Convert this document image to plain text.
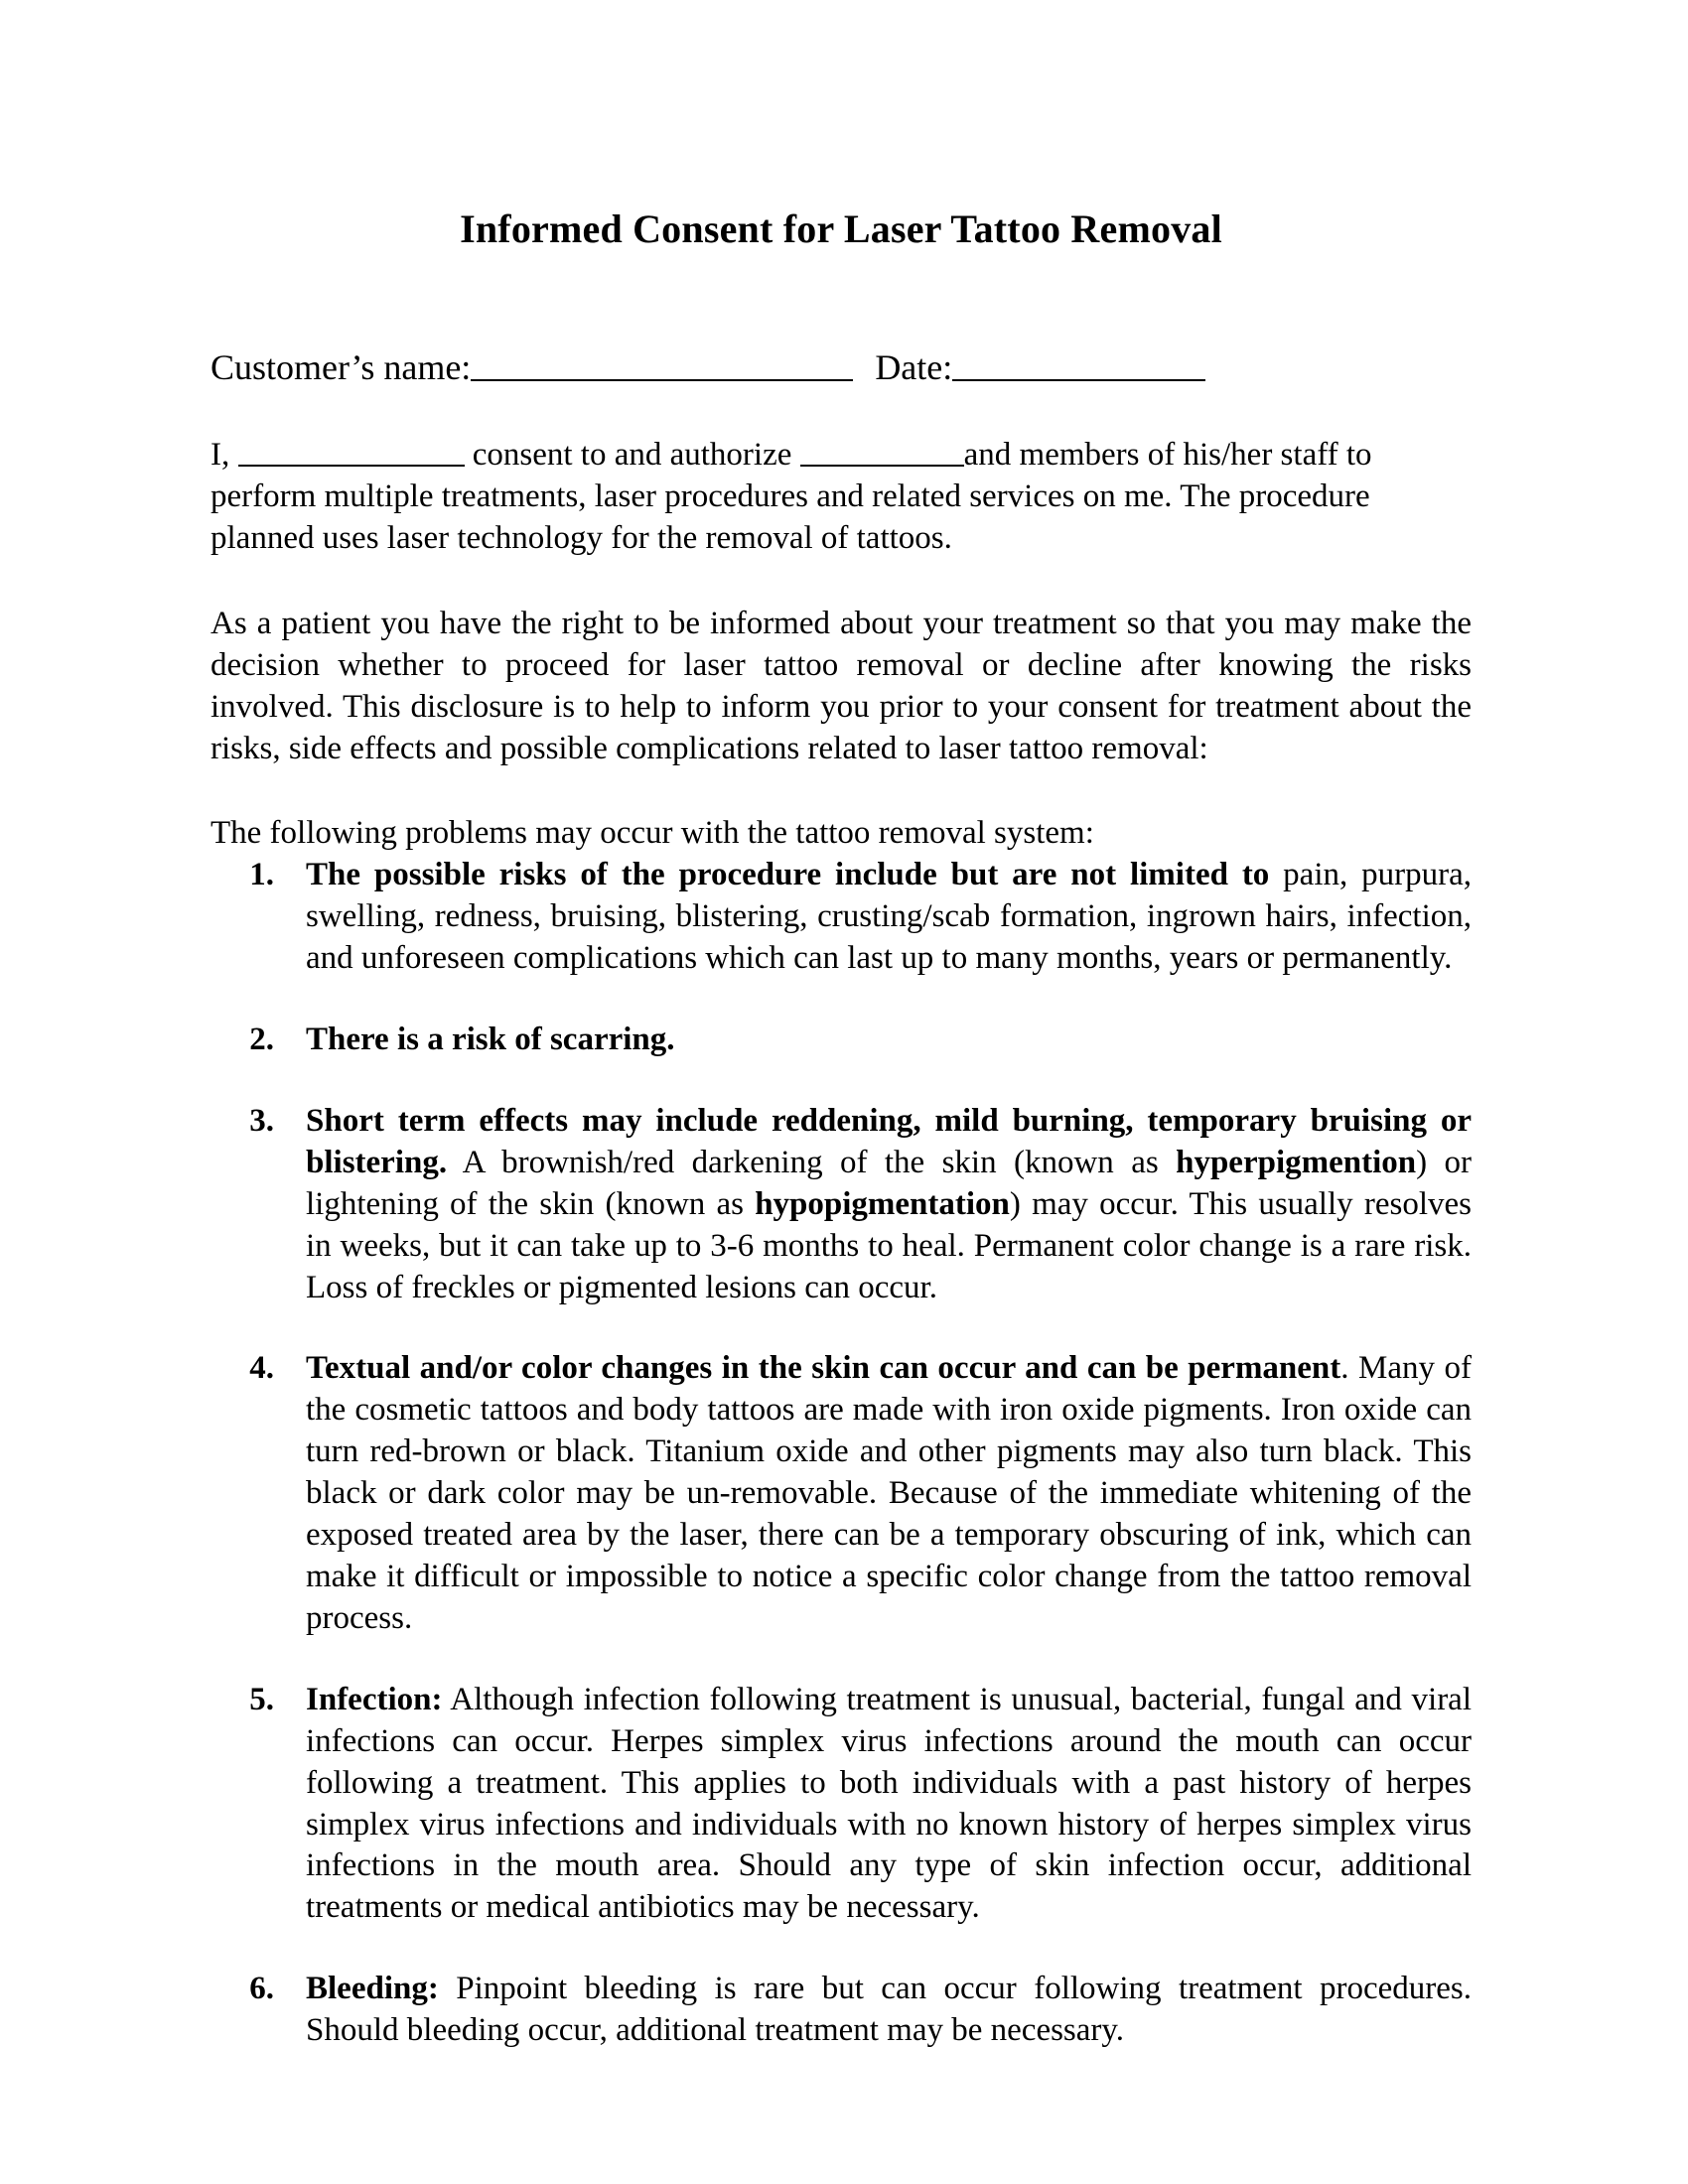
Informed Consent for Laser Tattoo Removal
Customer’s name:	Date:

I,	consent to and authorize	and members of his/her staff to perform multiple treatments, laser procedures and related services on me. The procedure planned uses laser technology for the removal of tattoos.

As a patient you have the right to be informed about your treatment so that you may make the decision whether to proceed for laser tattoo removal or decline after knowing the risks involved. This disclosure is to help to inform you prior to your consent for treatment about the risks, side effects and possible complications related to laser tattoo removal:

The following problems may occur with the tattoo removal system:

1. The possible risks of the procedure include but are not limited to pain, purpura, swelling, redness, bruising, blistering, crusting/scab formation, ingrown hairs, infection, and unforeseen complications which can last up to many months, years or permanently.
2. There is a risk of scarring.
3. Short term effects may include reddening, mild burning, temporary bruising or blistering. A brownish/red darkening of the skin (known as hyperpigmention) or lightening of the skin (known as hypopigmentation) may occur. This usually resolves in weeks, but it can take up to 3-6 months to heal. Permanent color change is a rare risk. Loss of freckles or pigmented lesions can occur.
4. Textual and/or color changes in the skin can occur and can be permanent. Many of the cosmetic tattoos and body tattoos are made with iron oxide pigments. Iron oxide can turn red-brown or black. Titanium oxide and other pigments may also turn black. This black or dark color may be un-removable. Because of the immediate whitening of the exposed treated area by the laser, there can be a temporary obscuring of ink, which can make it difficult or impossible to notice a specific color change from the tattoo removal process.
5. Infection: Although infection following treatment is unusual, bacterial, fungal and viral infections can occur. Herpes simplex virus infections around the mouth can occur following a treatment. This applies to both individuals with a past history of herpes simplex virus infections and individuals with no known history of herpes simplex virus infections in the mouth area. Should any type of skin infection occur, additional treatments or medical antibiotics may be necessary.
6. Bleeding: Pinpoint bleeding is rare but can occur following treatment procedures. Should bleeding occur, additional treatment may be necessary.
